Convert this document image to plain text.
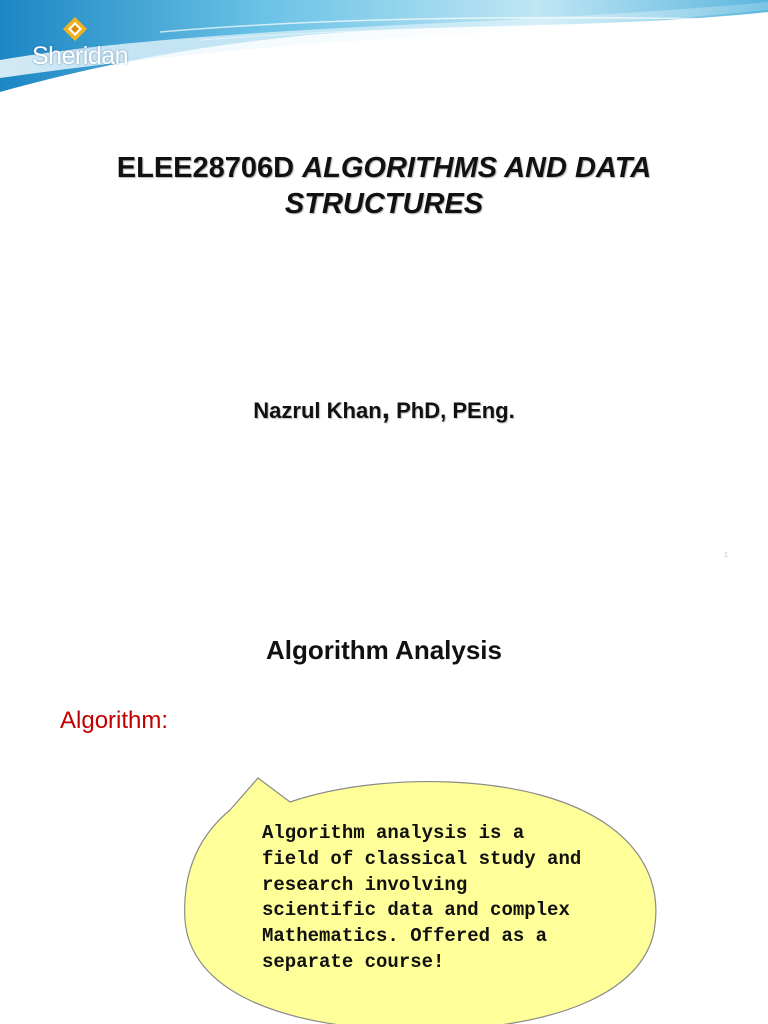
Sheridan
ELEE28706D ALGORITHMS AND DATA STRUCTURES
Nazrul Khan, PhD, PEng.
1
Algorithm Analysis
Algorithm:
Algorithm analysis is a field of classical study and research involving scientific data and complex Mathematics. Offered as a separate course!
